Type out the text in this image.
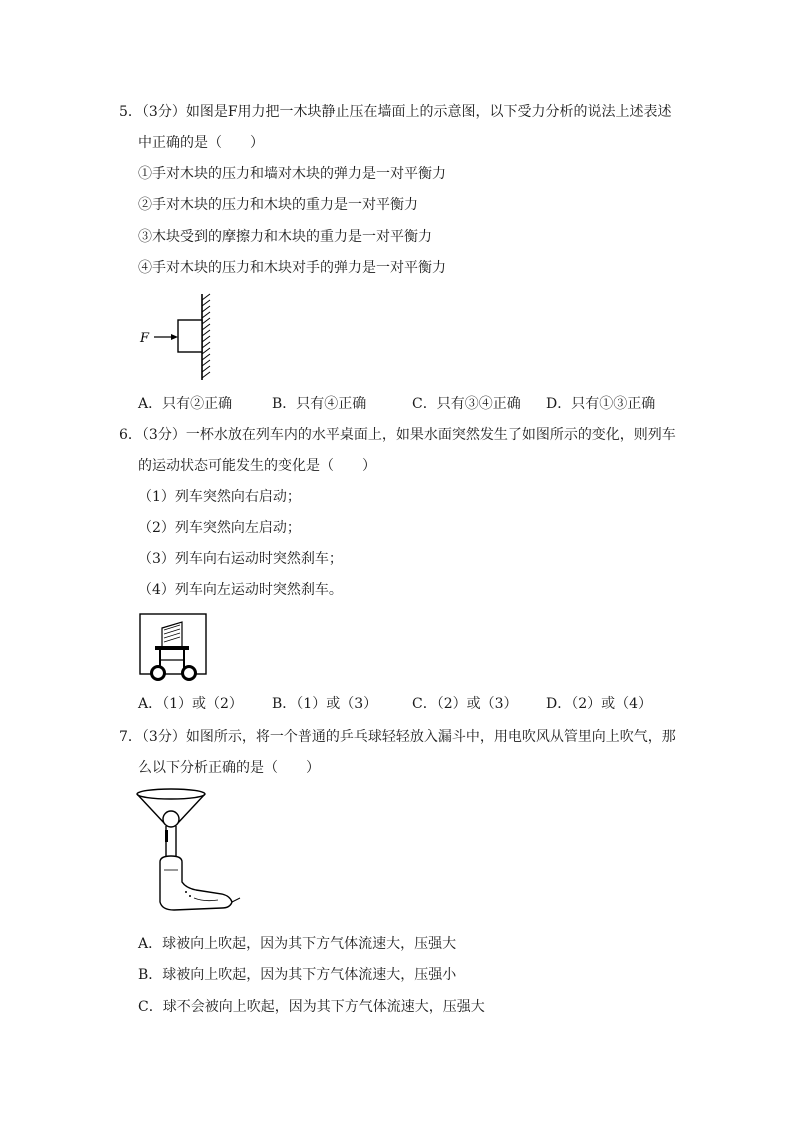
5．（3分）如图是F用力把一木块静止压在墙面上的示意图，以下受力分析的说法上述表述
中正确的是（　　）
①手对木块的压力和墙对木块的弹力是一对平衡力
②手对木块的压力和木块的重力是一对平衡力
③木块受到的摩擦力和木块的重力是一对平衡力
④手对木块的压力和木块对手的弹力是一对平衡力
F
A．只有②正确	B．只有④正确	C．只有③④正确 D．只有①③正确
6．（3分）一杯水放在列车内的水平桌面上，如果水面突然发生了如图所示的变化，则列车
的运动状态可能发生的变化是（　　）
（1）列车突然向右启动；
（2）列车突然向左启动；
（3）列车向右运动时突然刹车；
（4）列车向左运动时突然刹车。
A．（1）或（2） B．（1）或（3） C．（2）或（3） D．（2）或（4）
7．（3分）如图所示，将一个普通的乒乓球轻轻放入漏斗中，用电吹风从管里向上吹气，那
么以下分析正确的是（　　）
A．球被向上吹起，因为其下方气体流速大，压强大
B．球被向上吹起，因为其下方气体流速大，压强小
C．球不会被向上吹起，因为其下方气体流速大，压强大
